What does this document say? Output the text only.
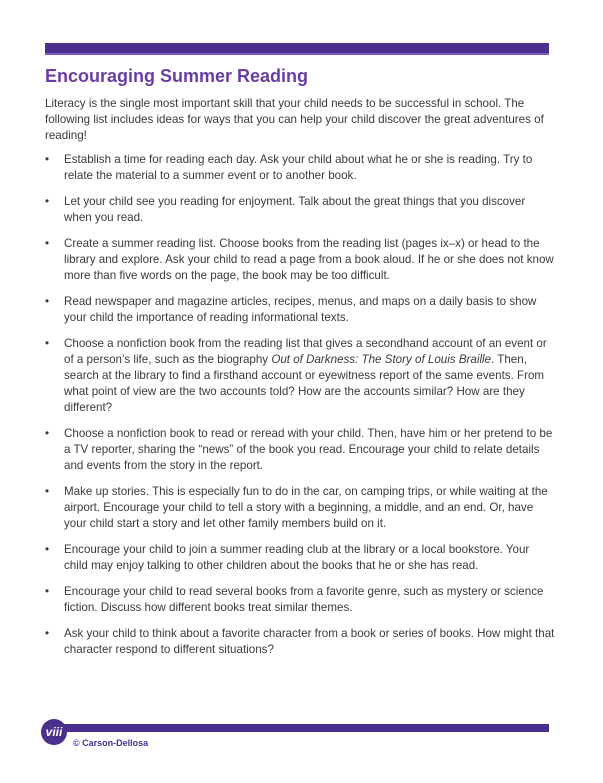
Encouraging Summer Reading

Literacy is the single most important skill that your child needs to be successful in school. The following list includes ideas for ways that you can help your child discover the great adventures of reading!

• Establish a time for reading each day. Ask your child about what he or she is reading. Try to relate the material to a summer event or to another book.
• Let your child see you reading for enjoyment. Talk about the great things that you discover when you read.
• Create a summer reading list. Choose books from the reading list (pages ix–x) or head to the library and explore. Ask your child to read a page from a book aloud. If he or she does not know more than five words on the page, the book may be too difficult.
• Read newspaper and magazine articles, recipes, menus, and maps on a daily basis to show your child the importance of reading informational texts.
• Choose a nonfiction book from the reading list that gives a secondhand account of an event or of a person’s life, such as the biography Out of Darkness: The Story of Louis Braille. Then, search at the library to find a firsthand account or eyewitness report of the same events. From what point of view are the two accounts told? How are the accounts similar? How are they different?
• Choose a nonfiction book to read or reread with your child. Then, have him or her pretend to be a TV reporter, sharing the “news” of the book you read. Encourage your child to relate details and events from the story in the report.
• Make up stories. This is especially fun to do in the car, on camping trips, or while waiting at the airport. Encourage your child to tell a story with a beginning, a middle, and an end. Or, have your child start a story and let other family members build on it.
• Encourage your child to join a summer reading club at the library or a local bookstore. Your child may enjoy talking to other children about the books that he or she has read.
• Encourage your child to read several books from a favorite genre, such as mystery or science fiction. Discuss how different books treat similar themes.
• Ask your child to think about a favorite character from a book or series of books. How might that character respond to different situations?
viii
© Carson-Dellosa
